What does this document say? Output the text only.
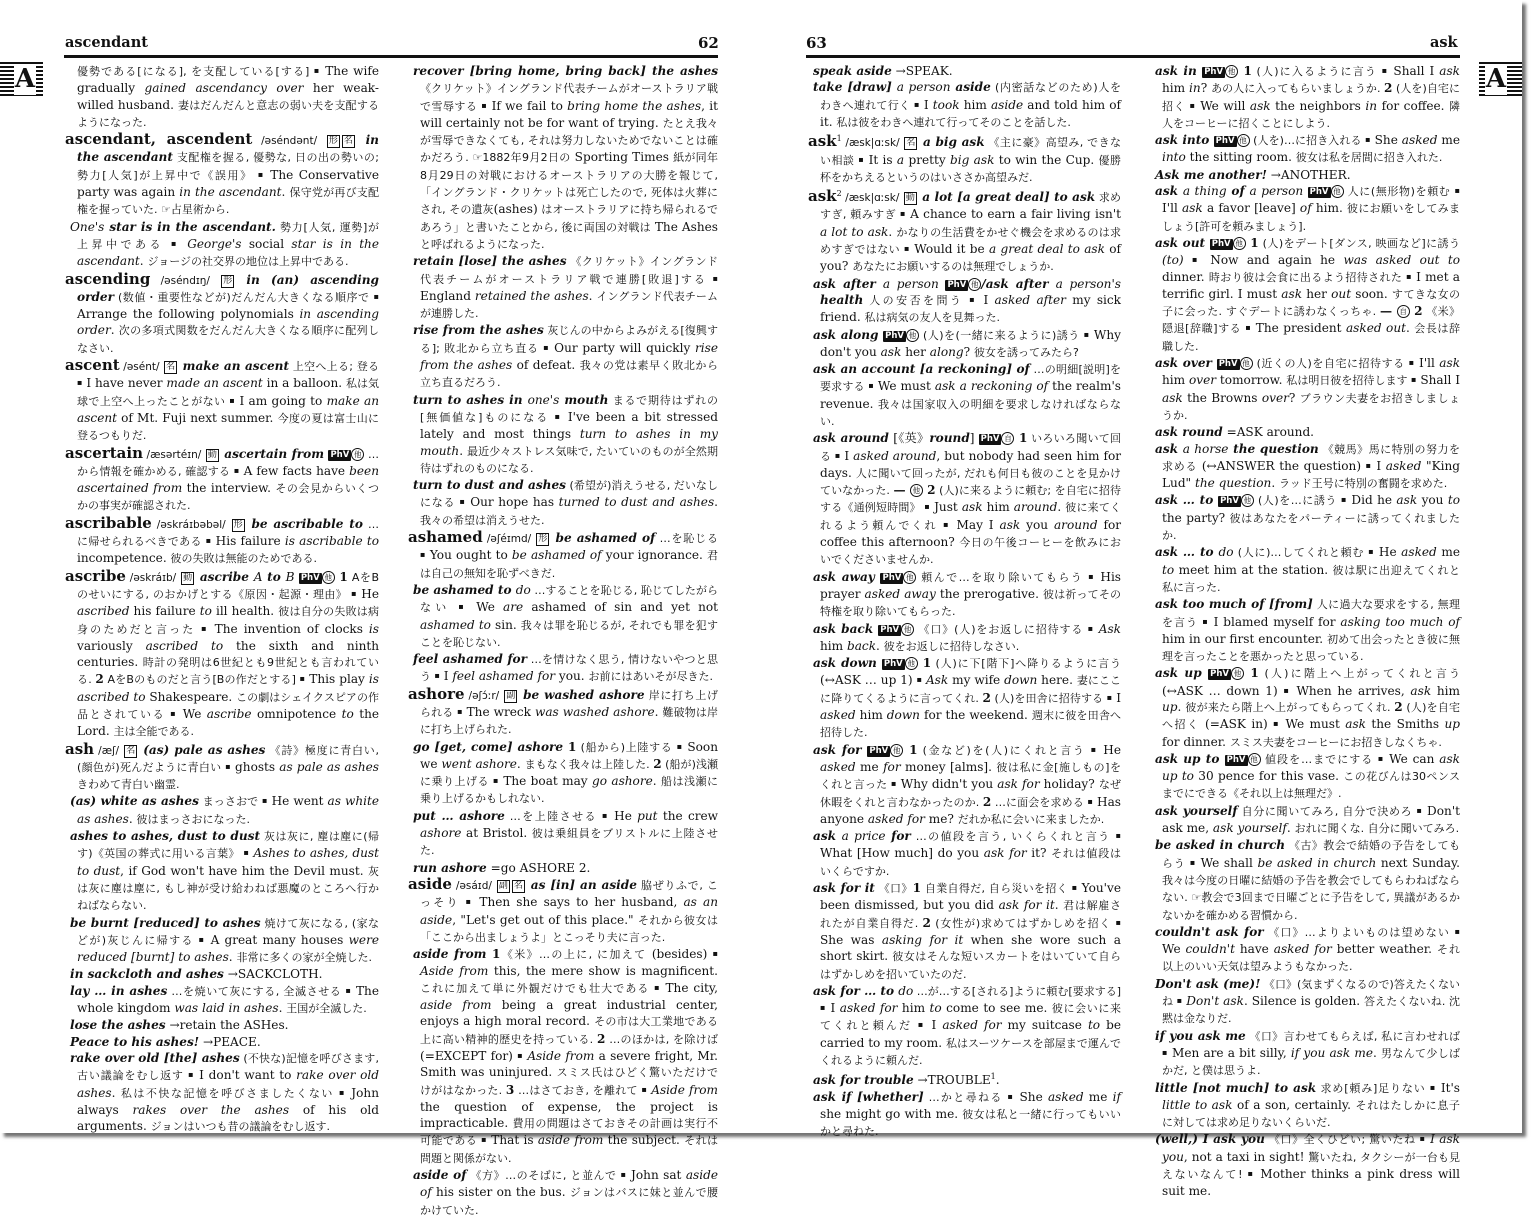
ascendant	62
A	優勢である[になる], を支配している[する] ▪ The wife gradually gained ascendancy over her weak-willed husband. 妻はだんだんと意志の弱い夫を支配するようになった.

ascendant, ascendent /əséndənt/ 形 名 in the ascendant 支配権を握る, 優勢な, 日の出の勢いの; 勢力[人気]が上昇中で《誤用》 ▪ The Conservative party was again in the ascendant. 保守党が再び支配権を握っていた. ☞占星術から.

One's star is in the ascendant. 勢力[人気, 運勢]が上昇中である ▪ George's social star is in the ascendant. ジョージの社交界の地位は上昇中である.

ascending /əséndɪŋ/ 形 in (an) ascending order (数値・重要性などが)だんだん大きくなる順序で ▪ Arrange the following polynomials in ascending order. 次の多項式関数をだんだん大きくなる順序に配列しなさい.

ascent /əsént/ 名 make an ascent 上空へ上る; 登る ▪ I have never made an ascent in a balloon. 私は気球で上空へ上ったことがない ▪ I am going to make an ascent of Mt. Fuji next summer. 今度の夏は富士山に登るつもりだ.

ascertain /æsərtéɪn/ 動 ascertain from PhV 他 …から情報を確かめる, 確認する ▪ A few facts have been ascertained from the interview. その会見からいくつかの事実が確認された.

ascribable /əskráɪbəbəl/ 形 be ascribable to …に帰せられるべきである ▪ His failure is ascribable to incompetence. 彼の失敗は無能のためである.

ascribe /əskráɪb/ 動 ascribe A to B PhV 他 1 AをBのせいにする, のおかげとする《原因・起源・理由》 ▪ He ascribed his failure to ill health. 彼は自分の失敗は病身のためだと言った ▪ The invention of clocks is variously ascribed to the sixth and ninth centuries. 時計の発明は6世紀とも9世紀とも言われている. 2 AをBのものだと言う[Bの作だとする] ▪ This play is ascribed to Shakespeare. この劇はシェイクスピアの作品とされている ▪ We ascribe omnipotence to the Lord. 主は全能である.

ash /æʃ/ 名 (as) pale as ashes 《詩》極度に青白い, (顔色が)死んだように青白い ▪ ghosts as pale as ashes きわめて青白い幽霊.

(as) white as ashes まっさおで ▪ He went as white as ashes. 彼はまっさおになった.

ashes to ashes, dust to dust 灰は灰に, 塵は塵に(帰す)《英国の葬式に用いる言葉》 ▪ Ashes to ashes, dust to dust, if God won't have him the Devil must. 灰は灰に塵は塵に, もし神が受け給わねば悪魔のところへ行かねばならない.

be burnt [reduced] to ashes 焼けて灰になる, (家などが)灰じんに帰する ▪ A great many houses were reduced [burnt] to ashes. 非常に多くの家が全焼した.

in sackcloth and ashes →SACKCLOTH.

lay … in ashes …を焼いて灰にする, 全滅させる ▪ The whole kingdom was laid in ashes. 王国が全滅した.

lose the ashes →retain the ASHes.

Peace to his ashes! →PEACE.

rake over old [the] ashes (不快な)記憶を呼びさます, 古い議論をむし返す ▪ I don't want to rake over old ashes. 私は不快な記憶を呼びさましたくない ▪ John always rakes over the ashes of his old arguments. ジョンはいつも昔の議論をむし返す.

recover [bring home, bring back] the ashes 《クリケット》イングランド代表チームがオーストラリア戦で雪辱する ▪ If we fail to bring home the ashes, it will certainly not be for want of trying. たとえ我々が雪辱できなくても, それは努力しないためでないことは確かだろう. ☞1882年9月2日の Sporting Times 紙が同年8月29日の対戦におけるオーストラリアの大勝を報じて,「イングランド・クリケットは死亡したので, 死体は火葬にされ, その遺灰(ashes) はオーストラリアに持ち帰られるであろう」と書いたことから, 後に両国の対戦は The Ashes と呼ばれるようになった.

retain [lose] the ashes 《クリケット》イングランド代表チームがオーストラリア戦で連勝[敗退]する ▪ England retained the ashes. イングランド代表チームが連勝した.

rise from the ashes 灰じんの中からよみがえる[復興する]; 敗北から立ち直る ▪ Our party will quickly rise from the ashes of defeat. 我々の党は素早く敗北から立ち直るだろう.

turn to ashes in one's mouth まるで期待はずれの[無価値な]ものになる ▪ I've been a bit stressed lately and most things turn to ashes in my mouth. 最近少々ストレス気味で, たいていのものが全然期待はずれのものになる.

turn to dust and ashes (希望が)消えうせる, だいなしになる ▪ Our hope has turned to dust and ashes. 我々の希望は消えうせた.

ashamed /əʃéɪmd/ 形 be ashamed of …を恥じる ▪ You ought to be ashamed of your ignorance. 君は自己の無知を恥ずべきだ.

be ashamed to do …することを恥じる, 恥じてしたがらない ▪ We are ashamed of sin and yet not ashamed to sin. 我々は罪を恥じるが, それでも罪を犯すことを恥じない.

feel ashamed for …を情けなく思う, 情けないやつと思う ▪ I feel ashamed for you. お前にはあいそが尽きた.

ashore /əʃɔ́ːr/ 副 be washed ashore 岸に打ち上げられる ▪ The wreck was washed ashore. 難破物は岸に打ち上げられた.

go [get, come] ashore 1 (船から)上陸する ▪ Soon we went ashore. まもなく我々は上陸した. 2 (船が)浅瀬に乗り上げる ▪ The boat may go ashore. 船は浅瀬に乗り上げるかもしれない.

put … ashore …を上陸させる ▪ He put the crew ashore at Bristol. 彼は乗組員をブリストルに上陸させた.

run ashore =go ASHORE 2.

aside /əsáɪd/ 副 名 as [in] an aside 脇ぜりふで, こっそり ▪ Then she says to her husband, as an aside, "Let's get out of this place." それから彼女は「ここから出ましょうよ」とこっそり夫に言った.

aside from 1《米》…の上に, に加えて (besides) ▪ Aside from this, the mere show is magnificent. これに加えて単に外観だけでも壮大である ▪ The city, aside from being a great industrial center, enjoys a high moral record. その市は大工業地である上に高い精神的歴史を持っている. 2 …のほかは, を除けば (=EXCEPT for) ▪ Aside from a severe fright, Mr. Smith was uninjured. スミス氏はひどく驚いただけでけがはなかった. 3 …はさておき, を離れて ▪ Aside from the question of expense, the project is impracticable. 費用の問題はさておきその計画は実行不可能である ▪ That is aside from the subject. それは問題と関係がない.

aside of 《方》…のそばに, と並んで ▪ John sat aside of his sister on the bus. ジョンはバスに妹と並んで腰かけていた.

63	ask
A

speak aside →SPEAK.

take [draw] a person aside (内密話などのため)人をわきへ連れて行く ▪ I took him aside and told him of it. 私は彼をわきへ連れて行ってそのことを話した.

ask$^1$ /æsk|ɑːsk/ 名 a big ask 《主に豪》高望み, できない相談 ▪ It is a pretty big ask to win the Cup. 優勝杯をかちえるというのはいささか高望みだ.

ask$^2$ /æsk|ɑːsk/ 動 a lot [a great deal] to ask 求めすぎ, 頼みすぎ ▪ A chance to earn a fair living isn't a lot to ask. かなりの生活費をかせぐ機会を求めるのは求めすぎではない ▪ Would it be a great deal to ask of you? あなたにお願いするのは無理でしょうか.

ask after a person PhV 他 /ask after a person's health 人の安否を問う ▪ I asked after my sick friend. 私は病気の友人を見舞った.

ask along PhV 他 (人)を(一緒に来るように)誘う ▪ Why don't you ask her along? 彼女を誘ってみたら?

ask an account [a reckoning] of …の明細[説明]を要求する ▪ We must ask a reckoning of the realm's revenue. 我々は国家収入の明細を要求しなければならない.

ask around [《英》round] PhV 自 1 いろいろ聞いて回る ▪ I asked around, but nobody had seen him for days. 人に聞いて回ったが, だれも何日も彼のことを見かけていなかった. — 他 2 (人)に来るように頼む; を自宅に招待する《通例短時間》 ▪ Just ask him around. 彼に来てくれるよう頼んでくれ ▪ May I ask you around for coffee this afternoon? 今日の午後コーヒーを飲みにおいでくださいませんか.

ask away PhV 他 頼んで…を取り除いてもらう ▪ His prayer asked away the prerogative. 彼は祈ってその特権を取り除いてもらった.

ask back PhV 他 《口》(人)をお返しに招待する ▪ Ask him back. 彼をお返しに招待しなさい.

ask down PhV 他 1 (人)に下[階下]へ降りるように言う (↔ASK … up 1) ▪ Ask my wife down here. 妻にここに降りてくるように言ってくれ. 2 (人)を田舎に招待する ▪ I asked him down for the weekend. 週末に彼を田舎へ招待した.

ask for PhV 他 1 (金など)を(人)にくれと言う ▪ He asked me for money [alms]. 彼は私に金[施しもの]をくれと言った ▪ Why didn't you ask for holiday? なぜ休暇をくれと言わなかったのか. 2 …に面会を求める ▪ Has anyone asked for me? だれか私に会いに来ましたか.

ask a price for …の値段を言う, いくらくれと言う ▪ What [How much] do you ask for it? それは値段はいくらですか.

ask for it 《口》1 自業自得だ, 自ら災いを招く ▪ You've been dismissed, but you did ask for it. 君は解雇されたが自業自得だ. 2 (女性が)求めてはずかしめを招く ▪ She was asking for it when she wore such a short skirt. 彼女はそんな短いスカートをはいていて自らはずかしめを招いていたのだ.

ask for … to do …が…する[される]ように頼む[要求する] ▪ I asked for him to come to see me. 彼に会いに来てくれと頼んだ ▪ I asked for my suitcase to be carried to my room. 私はスーツケースを部屋まで運んでくれるように頼んだ.

ask for trouble $\to TROUBLE^1$.

ask if [whether] …かと尋ねる ▪ She asked me if she might go with me. 彼女は私と一緒に行ってもいいかと尋ねた.

ask in PhV 他 1 (人)に入るように言う ▪ Shall I ask him in? あの人に入ってもらいましょうか. 2 (人を)自宅に招く ▪ We will ask the neighbors in for coffee. 隣人をコーヒーに招くことにしよう.

ask into PhV 他 (人を)…に招き入れる ▪ She asked me into the sitting room. 彼女は私を居間に招き入れた.

Ask me another! →ANOTHER.

ask a thing of a person PhV 他 人に(無形物)を頼む ▪ I'll ask a favor [leave] of him. 彼にお願いをしてみましょう[許可を頼みましょう].

ask out PhV 他 1 (人)をデート[ダンス, 映画など]に誘う (to) ▪ Now and again he was asked out to dinner. 時おり彼は会食に出るよう招待された ▪ I met a terrific girl. I must ask her out soon. すてきな女の子に会った. すぐデートに誘わなくっちゃ. — 自 2 《米》隠退[辞職]する ▪ The president asked out. 会長は辞職した.

ask over PhV 他 (近くの人)を自宅に招待する ▪ I'll ask him over tomorrow. 私は明日彼を招待します ▪ Shall I ask the Browns over? ブラウン夫妻をお招きしましょうか.

ask round =ASK around.

ask a horse the question 《競馬》馬に特別の努力を求める (↔ANSWER the question) ▪ I asked "King Lud" the question. ラッド王号に特別の奮闘を求めた.

ask … to PhV 他 (人)を…に誘う ▪ Did he ask you to the party? 彼はあなたをパーティーに誘ってくれましたか.

ask … to do (人に)…してくれと頼む ▪ He asked me to meet him at the station. 彼は駅に出迎えてくれと私に言った.

ask too much of [from] 人に過大な要求をする, 無理を言う ▪ I blamed myself for asking too much of him in our first encounter. 初めて出会ったとき彼に無理を言ったことを悪かったと思っている.

ask up PhV 他 1 (人)に階上へ上がってくれと言う (↔ASK … down 1) ▪ When he arrives, ask him up. 彼が来たら階上へ上がってもらってくれ. 2 (人)を自宅へ招く (=ASK in) ▪ We must ask the Smiths up for dinner. スミス夫妻をコーヒーにお招きしなくちゃ.

ask up to PhV 他 値段を…までにする ▪ We can ask up to 30 pence for this vase. この花びんは30ペンスまでにできる《それ以上は無理だ》.

ask yourself 自分に聞いてみろ, 自分で決めろ ▪ Don't ask me, ask yourself. おれに聞くな. 自分に聞いてみろ.

be asked in church 《古》教会で結婚の予告をしてもらう ▪ We shall be asked in church next Sunday. 我々は今度の日曜に結婚の予告を教会でしてもらわねばならない. ☞教会で3回まで日曜ごとに予告をして, 異議があるかないかを確かめる習慣から.

couldn't ask for 《口》…よりよいものは望めない ▪ We couldn't have asked for better weather. それ以上のいい天気は望みようもなかった.

Don't ask (me)! 《口》(気まずくなるので)答えたくないね ▪ Don't ask. Silence is golden. 答えたくないね. 沈黙は金なりだ.

if you ask me 《口》言わせてもらえば, 私に言わせれば ▪ Men are a bit silly, if you ask me. 男なんて少しばかだ, と僕は思うよ.

little [not much] to ask 求め[頼み]足りない ▪ It's little to ask of a son, certainly. それはたしかに息子に対しては求め足りないくらいだ.

(well,) I ask you 《口》全くひどい; 驚いたね ▪ I ask you, not a taxi in sight! 驚いたね, タクシーが一台も見えないなんて! ▪ Mother thinks a pink dress will suit me.
